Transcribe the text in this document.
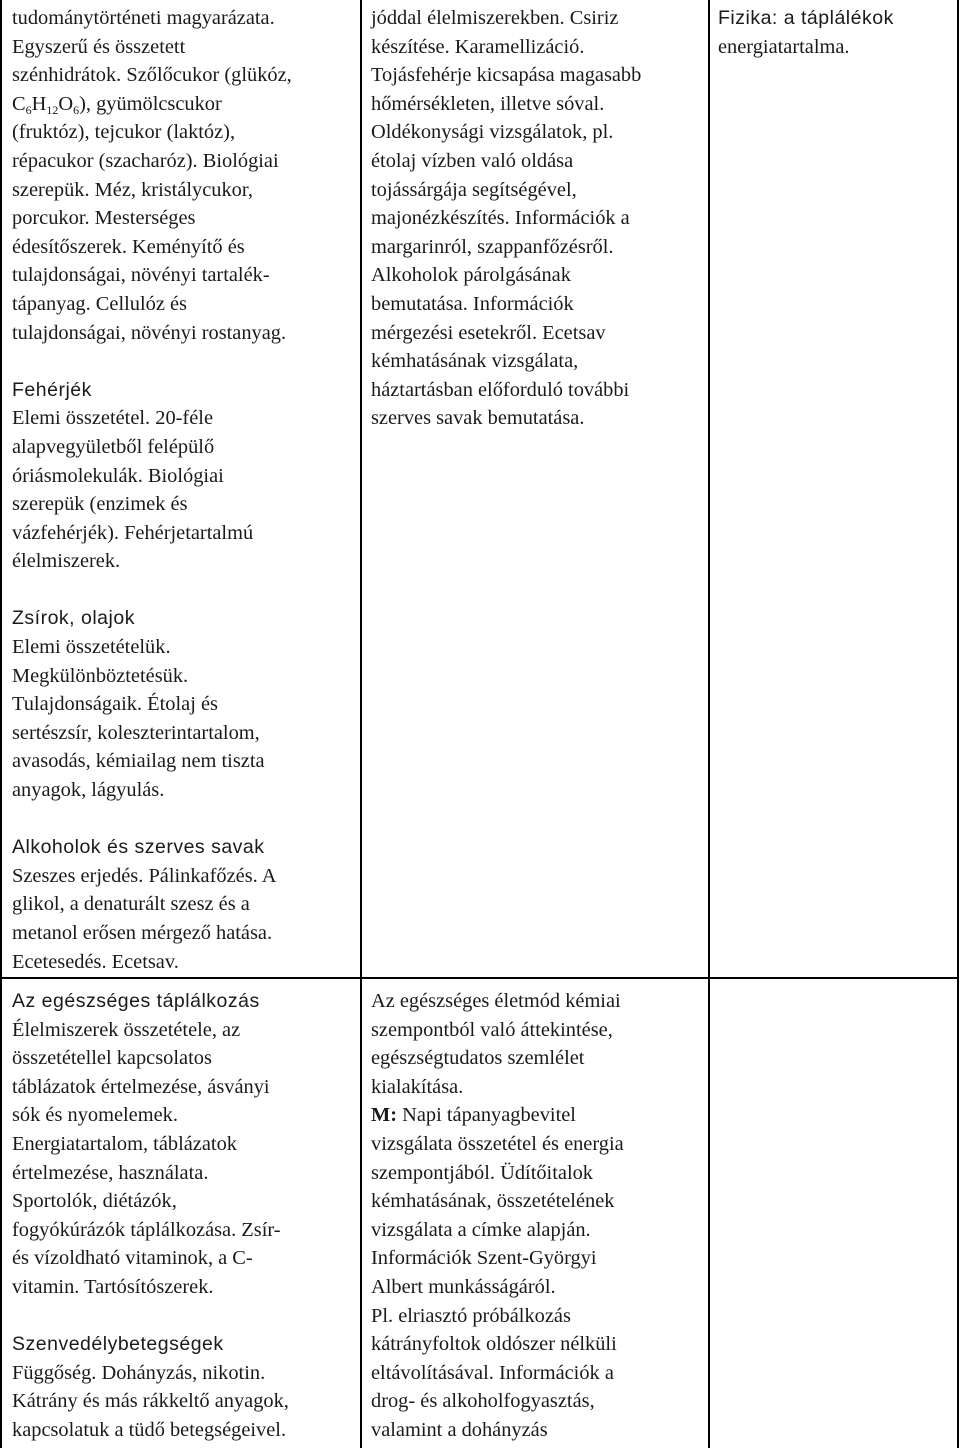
tudománytörténeti magyarázata.

Egyszerű és összetett

szénhidrátok. Szőlőcukor (glükóz,

$C_6H_{12}O_6$), gyümölcscukor

(fruktóz), tejcukor (laktóz),

répacukor (szacharóz). Biológiai

szerepük. Méz, kristálycukor,

porcukor. Mesterséges

édesítőszerek. Keményítő és

tulajdonságai, növényi tartalék-

tápanyag. Cellulóz és

tulajdonságai, növényi rostanyag.

Fehérjék

Elemi összetétel. 20-féle

alapvegyületből felépülő

óriásmolekulák. Biológiai

szerepük (enzimek és

vázfehérjék). Fehérjetartalmú

élelmiszerek.

Zsírok, olajok

Elemi összetételük.

Megkülönböztetésük.

Tulajdonságaik. Étolaj és

sertészsír, koleszterintartalom,

avasodás, kémiailag nem tiszta

anyagok, lágyulás.

Alkoholok és szerves savak

Szeszes erjedés. Pálinkafőzés. A

glikol, a denaturált szesz és a

metanol erősen mérgező hatása.

Ecetesedés. Ecetsav.

jóddal élelmiszerekben. Csiriz

készítése. Karamellizáció.

Tojásfehérje kicsapása magasabb

hőmérsékleten, illetve sóval.

Oldékonysági vizsgálatok, pl.

étolaj vízben való oldása

tojássárgája segítségével,

majonézkészítés. Információk a

margarinról, szappanfőzésről.

Alkoholok párolgásának

bemutatása. Információk

mérgezési esetekről. Ecetsav

kémhatásának vizsgálata,

háztartásban előforduló további

szerves savak bemutatása.

Fizika: a táplálékok

energiatartalma.

Az egészséges táplálkozás

Élelmiszerek összetétele, az

összetétellel kapcsolatos

táblázatok értelmezése, ásványi

sók és nyomelemek.

Energiatartalom, táblázatok

értelmezése, használata.

Sportolók, diétázók,

fogyókúrázók táplálkozása. Zsír-

és vízoldható vitaminok, a C-

vitamin. Tartósítószerek.

Szenvedélybetegségek

Függőség. Dohányzás, nikotin.

Kátrány és más rákkeltő anyagok,

kapcsolatuk a tüdő betegségeivel.

Az egészséges életmód kémiai

szempontból való áttekintése,

egészségtudatos szemlélet

kialakítása.

M: Napi tápanyagbevitel

vizsgálata összetétel és energia

szempontjából. Üdítőitalok

kémhatásának, összetételének

vizsgálata a címke alapján.

Információk Szent-Györgyi

Albert munkásságáról.

Pl. elriasztó próbálkozás

kátrányfoltok oldószer nélküli

eltávolításával. Információk a

drog- és alkoholfogyasztás,

valamint a dohányzás
